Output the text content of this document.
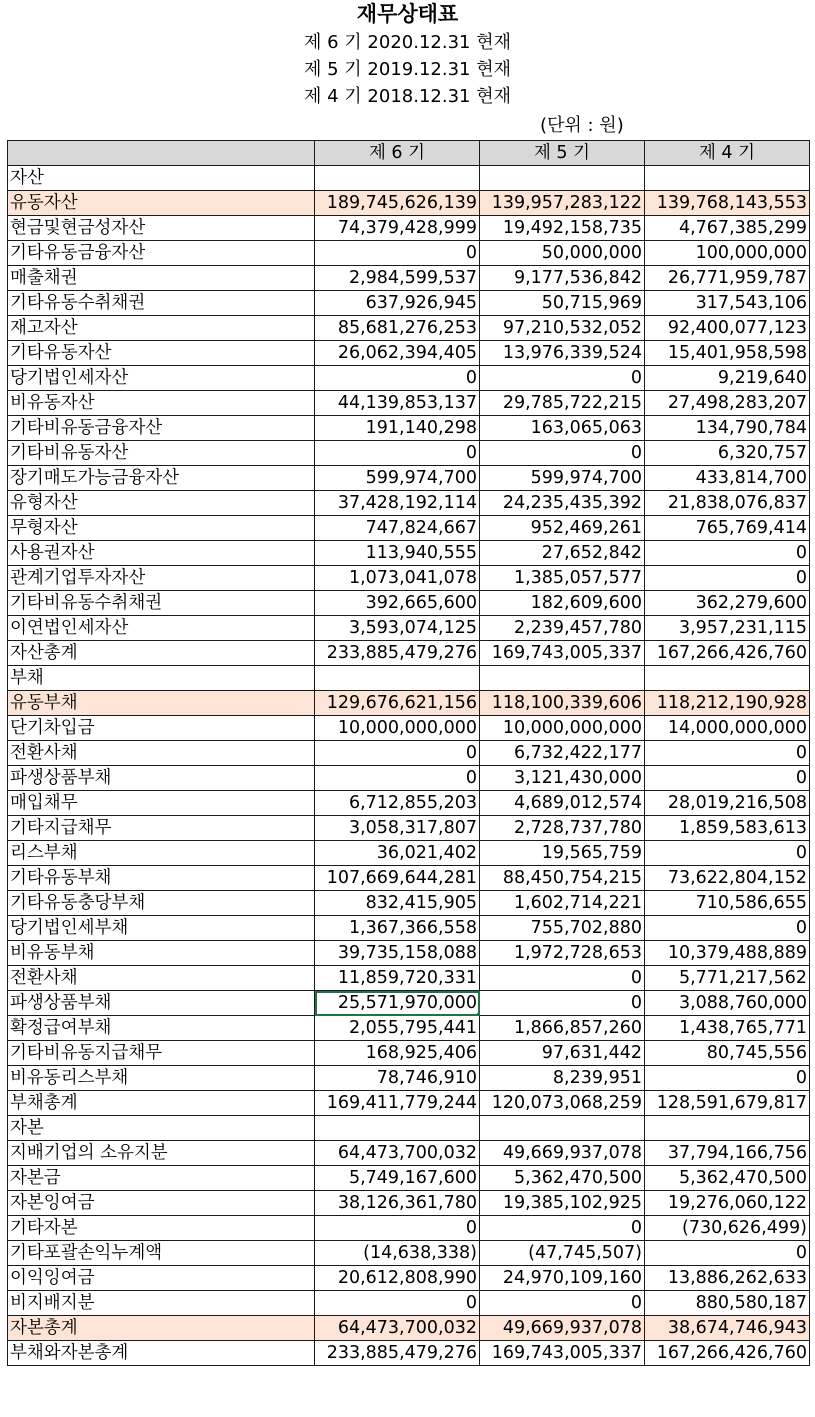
재무상태표
제 6 기 2020.12.31 현재
제 5 기 2019.12.31 현재
제 4 기 2018.12.31 현재
(단위 : 원)
	제 6 기	제 5 기	제 4 기
자산			
유동자산	189,745,626,139	139,957,283,122	139,768,143,553
현금및현금성자산	74,379,428,999	19,492,158,735	4,767,385,299
기타유동금융자산	0	50,000,000	100,000,000
매출채권	2,984,599,537	9,177,536,842	26,771,959,787
기타유동수취채권	637,926,945	50,715,969	317,543,106
재고자산	85,681,276,253	97,210,532,052	92,400,077,123
기타유동자산	26,062,394,405	13,976,339,524	15,401,958,598
당기법인세자산	0	0	9,219,640
비유동자산	44,139,853,137	29,785,722,215	27,498,283,207
기타비유동금융자산	191,140,298	163,065,063	134,790,784
기타비유동자산	0	0	6,320,757
장기매도가능금융자산	599,974,700	599,974,700	433,814,700
유형자산	37,428,192,114	24,235,435,392	21,838,076,837
무형자산	747,824,667	952,469,261	765,769,414
사용권자산	113,940,555	27,652,842	0
관계기업투자자산	1,073,041,078	1,385,057,577	0
기타비유동수취채권	392,665,600	182,609,600	362,279,600
이연법인세자산	3,593,074,125	2,239,457,780	3,957,231,115
자산총계	233,885,479,276	169,743,005,337	167,266,426,760
부채			
유동부채	129,676,621,156	118,100,339,606	118,212,190,928
단기차입금	10,000,000,000	10,000,000,000	14,000,000,000
전환사채	0	6,732,422,177	0
파생상품부채	0	3,121,430,000	0
매입채무	6,712,855,203	4,689,012,574	28,019,216,508
기타지급채무	3,058,317,807	2,728,737,780	1,859,583,613
리스부채	36,021,402	19,565,759	0
기타유동부채	107,669,644,281	88,450,754,215	73,622,804,152
기타유동충당부채	832,415,905	1,602,714,221	710,586,655
당기법인세부채	1,367,366,558	755,702,880	0
비유동부채	39,735,158,088	1,972,728,653	10,379,488,889
전환사채	11,859,720,331	0	5,771,217,562
파생상품부채	25,571,970,000	0	3,088,760,000
확정급여부채	2,055,795,441	1,866,857,260	1,438,765,771
기타비유동지급채무	168,925,406	97,631,442	80,745,556
비유동리스부채	78,746,910	8,239,951	0
부채총계	169,411,779,244	120,073,068,259	128,591,679,817
자본			
지배기업의 소유지분	64,473,700,032	49,669,937,078	37,794,166,756
자본금	5,749,167,600	5,362,470,500	5,362,470,500
자본잉여금	38,126,361,780	19,385,102,925	19,276,060,122
기타자본	0	0	(730,626,499)
기타포괄손익누계액	(14,638,338)	(47,745,507)	0
이익잉여금	20,612,808,990	24,970,109,160	13,886,262,633
비지배지분	0	0	880,580,187
자본총계	64,473,700,032	49,669,937,078	38,674,746,943
부채와자본총계	233,885,479,276	169,743,005,337	167,266,426,760
